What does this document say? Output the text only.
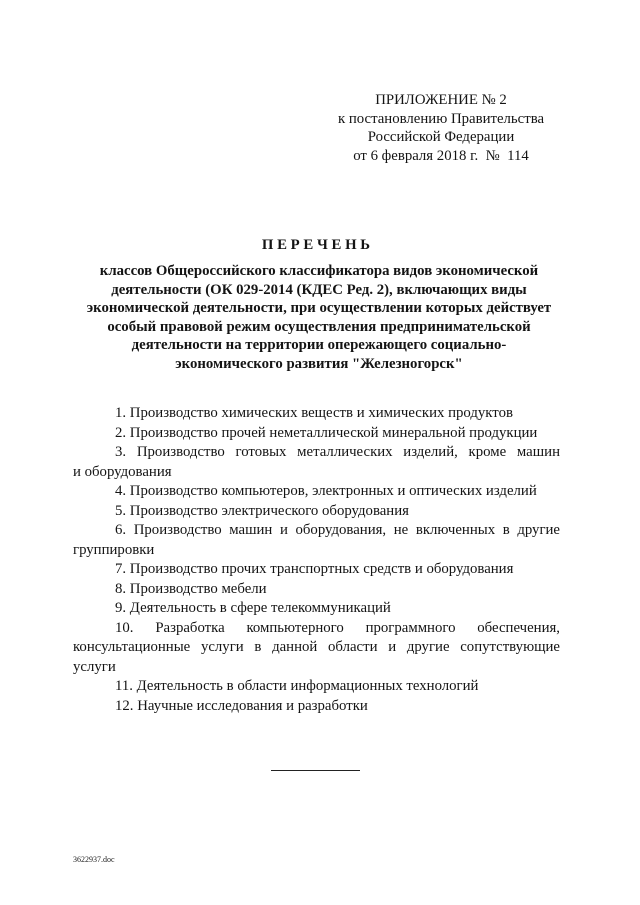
ПРИЛОЖЕНИЕ № 2
к постановлению Правительства
Российской Федерации
от 6 февраля 2018 г.  №  114
П Е Р Е Ч Е Н Ь
классов Общероссийского классификатора видов экономической
деятельности (ОК 029-2014 (КДЕС Ред. 2), включающих виды
экономической деятельности, при осуществлении которых действует
особый правовой режим осуществления предпринимательской
деятельности на территории опережающего социально-
экономического развития "Железногорск"
1. Производство химических веществ и химических продуктов
2. Производство прочей неметаллической минеральной продукции
3. Производство готовых металлических изделий, кроме машин
и оборудования
4. Производство компьютеров, электронных и оптических изделий
5. Производство электрического оборудования
6. Производство машин и оборудования, не включенных в другие
группировки
7. Производство прочих транспортных средств и оборудования
8. Производство мебели
9. Деятельность в сфере телекоммуникаций
10. Разработка компьютерного программного обеспечения,
консультационные услуги в данной области и другие сопутствующие
услуги
11. Деятельность в области информационных технологий
12. Научные исследования и разработки
3622937.doc
